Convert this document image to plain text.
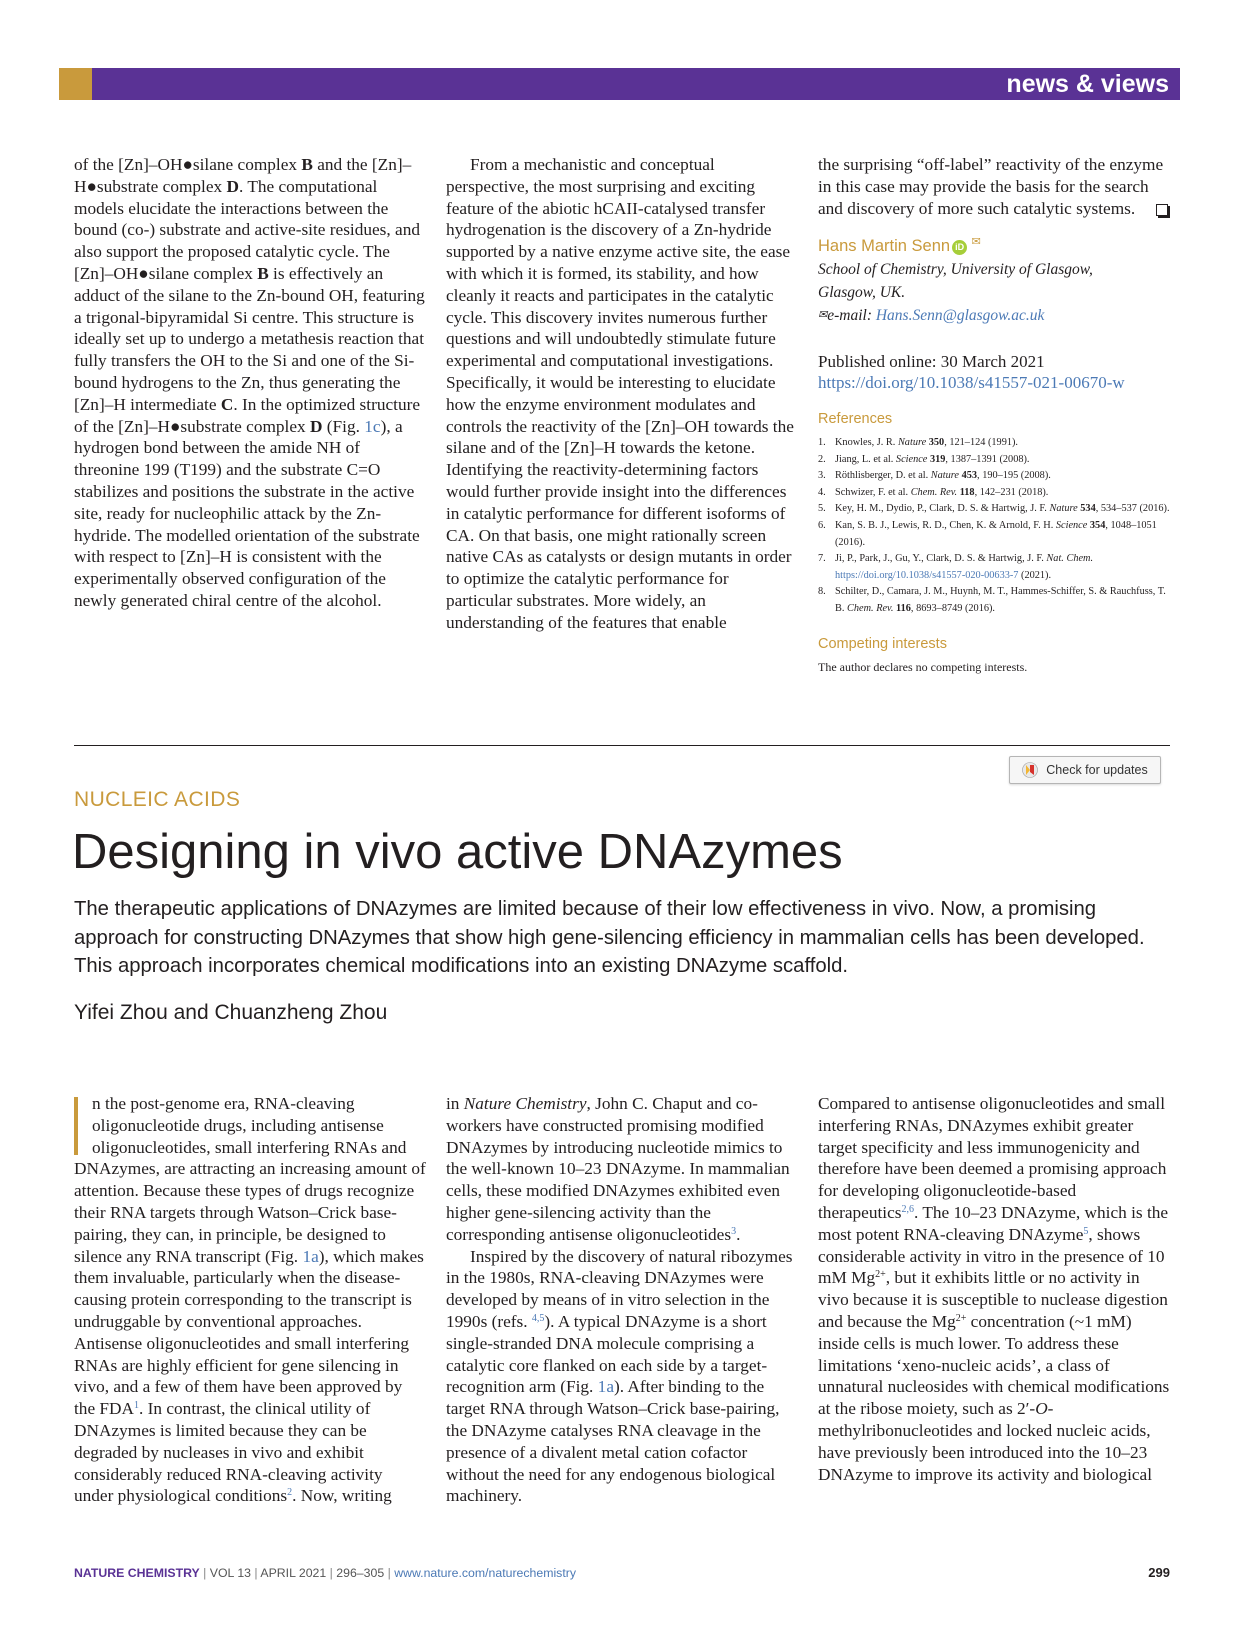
news & views

of the [Zn]–OH●silane complex B and the [Zn]–H●substrate complex D. The computational models elucidate the interactions between the bound (co-) substrate and active-site residues, and also support the proposed catalytic cycle. The [Zn]–OH●silane complex B is effectively an adduct of the silane to the Zn-bound OH, featuring a trigonal-bipyramidal Si centre. This structure is ideally set up to undergo a metathesis reaction that fully transfers the OH to the Si and one of the Si-bound hydrogens to the Zn, thus generating the [Zn]–H intermediate C. In the optimized structure of the [Zn]–H●substrate complex D (Fig. 1c), a hydrogen bond between the amide NH of threonine 199 (T199) and the substrate C=O stabilizes and positions the substrate in the active site, ready for nucleophilic attack by the Zn-hydride. The modelled orientation of the substrate with respect to [Zn]–H is consistent with the experimentally observed configuration of the newly generated chiral centre of the alcohol.

From a mechanistic and conceptual perspective, the most surprising and exciting feature of the abiotic hCAII-catalysed transfer hydrogenation is the discovery of a Zn-hydride supported by a native enzyme active site, the ease with which it is formed, its stability, and how cleanly it reacts and participates in the catalytic cycle. This discovery invites numerous further questions and will undoubtedly stimulate future experimental and computational investigations. Specifically, it would be interesting to elucidate how the enzyme environment modulates and controls the reactivity of the [Zn]–OH towards the silane and of the [Zn]–H towards the ketone. Identifying the reactivity-determining factors would further provide insight into the differences in catalytic performance for different isoforms of CA. On that basis, one might rationally screen native CAs as catalysts or design mutants in order to optimize the catalytic performance for particular substrates. More widely, an understanding of the features that enable

the surprising “off-label” reactivity of the enzyme in this case may provide the basis for the search and discovery of more such catalytic systems.

Hans Martin Senn iD ✉
School of Chemistry, University of Glasgow,
Glasgow, UK.
✉e-mail: Hans.Senn@glasgow.ac.uk
Published online: 30 March 2021
https://doi.org/10.1038/s41557-021-00670-w
References
1. Knowles, J. R. Nature 350, 121–124 (1991).
2. Jiang, L. et al. Science 319, 1387–1391 (2008).
3. Röthlisberger, D. et al. Nature 453, 190–195 (2008).
4. Schwizer, F. et al. Chem. Rev. 118, 142–231 (2018).
5. Key, H. M., Dydio, P., Clark, D. S. & Hartwig, J. F. Nature 534, 534–537 (2016).
6. Kan, S. B. J., Lewis, R. D., Chen, K. & Arnold, F. H. Science 354, 1048–1051 (2016).
7. Ji, P., Park, J., Gu, Y., Clark, D. S. & Hartwig, J. F. Nat. Chem. https://doi.org/10.1038/s41557-020-00633-7 (2021).
8. Schilter, D., Camara, J. M., Huynh, M. T., Hammes-Schiffer, S. & Rauchfuss, T. B. Chem. Rev. 116, 8693–8749 (2016).
Competing interests
The author declares no competing interests.
Check for updates
NUCLEIC ACIDS
Designing in vivo active DNAzymes
The therapeutic applications of DNAzymes are limited because of their low effectiveness in vivo. Now, a promising approach for constructing DNAzymes that show high gene-silencing efficiency in mammalian cells has been developed. This approach incorporates chemical modifications into an existing DNAzyme scaffold.
Yifei Zhou and Chuanzheng Zhou

n the post-genome era, RNA-cleaving oligonucleotide drugs, including antisense oligonucleotides, small interfering RNAs and DNAzymes, are attracting an increasing amount of attention. Because these types of drugs recognize their RNA targets through Watson–Crick base-pairing, they can, in principle, be designed to silence any RNA transcript (Fig. 1a), which makes them invaluable, particularly when the disease-causing protein corresponding to the transcript is undruggable by conventional approaches. Antisense oligonucleotides and small interfering RNAs are highly efficient for gene silencing in vivo, and a few of them have been approved by the FDA$^1$. In contrast, the clinical utility of DNAzymes is limited because they can be degraded by nucleases in vivo and exhibit considerably reduced RNA-cleaving activity under physiological conditions$^2$. Now, writing

in Nature Chemistry, John C. Chaput and co-workers have constructed promising modified DNAzymes by introducing nucleotide mimics to the well-known 10–23 DNAzyme. In mammalian cells, these modified DNAzymes exhibited even higher gene-silencing activity than the corresponding antisense oligonucleotides$^3$.

Inspired by the discovery of natural ribozymes in the 1980s, RNA-cleaving DNAzymes were developed by means of in vitro selection in the 1990s (refs. $^{4,5}$). A typical DNAzyme is a short single-stranded DNA molecule comprising a catalytic core flanked on each side by a target-recognition arm (Fig. 1a). After binding to the target RNA through Watson–Crick base-pairing, the DNAzyme catalyses RNA cleavage in the presence of a divalent metal cation cofactor without the need for any endogenous biological machinery.

Compared to antisense oligonucleotides and small interfering RNAs, DNAzymes exhibit greater target specificity and less immunogenicity and therefore have been deemed a promising approach for developing oligonucleotide-based therapeutics$^{2,6}$. The 10–23 DNAzyme, which is the most potent RNA-cleaving DNAzyme$^5$, shows considerable activity in vitro in the presence of 10 mM $Mg^{2+}$, but it exhibits little or no activity in vivo because it is susceptible to nuclease digestion and because the $Mg^{2+}$ concentration (~1 mM) inside cells is much lower. To address these limitations ‘xeno-nucleic acids’, a class of unnatural nucleosides with chemical modifications at the ribose moiety, such as 2′-O-methylribonucleotides and locked nucleic acids, have previously been introduced into the 10–23 DNAzyme to improve its activity and biological

NATURE CHEMISTRY | VOL 13 | APRIL 2021 | 296–305 | www.nature.com/naturechemistry	299
